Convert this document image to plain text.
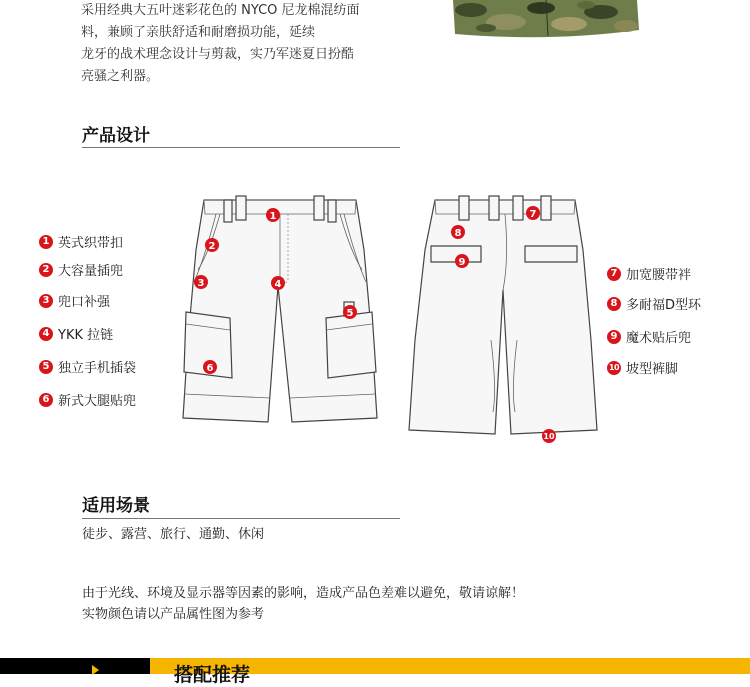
采用经典大五叶迷彩花色的 NYCO 尼龙棉混纺面
料，兼顾了亲肤舒适和耐磨损功能，延续
龙牙的战术理念设计与剪裁，实乃军迷夏日扮酷
亮骚之利器。
产品设计
1 英式织带扣
2 大容量插兜
3 兜口补强
4 YKK 拉链
5 独立手机插袋
6 新式大腿贴兜
7 加宽腰带袢
8 多耐福D型环
9 魔术贴后兜
10 坡型裤脚
1
2
3	4
5
6
7
8
9
10
适用场景
徒步、露营、旅行、通勤、休闲
由于光线、环境及显示器等因素的影响，造成产品色差难以避免，敬请谅解！
实物颜色请以产品属性图为参考
搭配推荐
